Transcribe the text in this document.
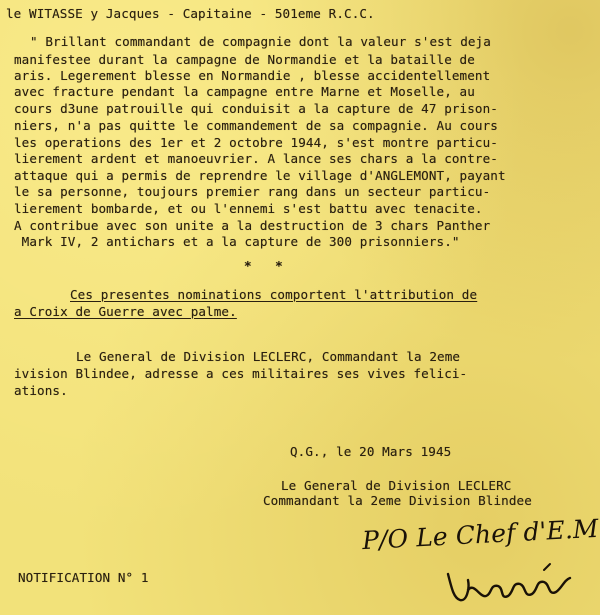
le WITASSE y Jacques - Capitaine - 501eme R.C.C.
" Brillant commandant de compagnie dont la valeur s'est deja
manifestee durant la campagne de Normandie et la bataille de
aris. Legerement blesse en Normandie , blesse accidentellement
avec fracture pendant la campagne entre Marne et Moselle, au
cours d3une patrouille qui conduisit a la capture de 47 prison-
niers, n'a pas quitte le commandement de sa compagnie. Au cours
les operations des 1er et 2 octobre 1944, s'est montre particu-
lierement ardent et manoeuvrier. A lance ses chars a la contre-
attaque qui a permis de reprendre le village d'ANGLEMONT, payant
le sa personne, toujours premier rang dans un secteur particu-
lierement bombarde, et ou l'ennemi s'est battu avec tenacite.
A contribue avec son unite a la destruction de 3 chars Panther
Mark IV, 2 antichars et a la capture de 300 prisonniers."
* *
Ces presentes nominations comportent l'attribution de
a Croix de Guerre avec palme.
Le General de Division LECLERC, Commandant la 2eme
ivision Blindee, adresse a ces militaires ses vives felici-
ations.
Q.G., le 20 Mars 1945
Le General de Division LECLERC
Commandant la 2eme Division Blindee
P/O Le Chef d'E.M
NOTIFICATION N° 1
